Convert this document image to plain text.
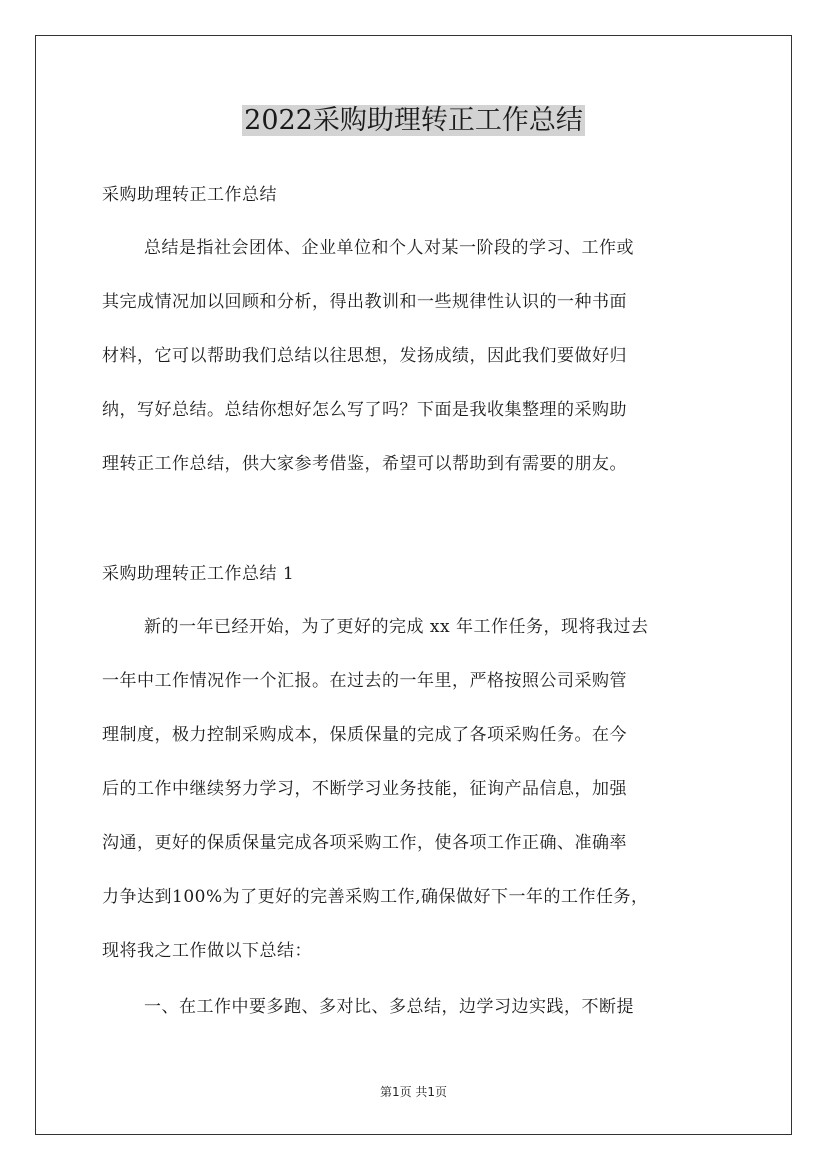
2022采购助理转正工作总结
采购助理转正工作总结
总结是指社会团体、企业单位和个人对某一阶段的学习、工作或
其完成情况加以回顾和分析，得出教训和一些规律性认识的一种书面
材料，它可以帮助我们总结以往思想，发扬成绩，因此我们要做好归
纳，写好总结。总结你想好怎么写了吗？下面是我收集整理的采购助
理转正工作总结，供大家参考借鉴，希望可以帮助到有需要的朋友。
采购助理转正工作总结 1
新的一年已经开始，为了更好的完成 xx 年工作任务，现将我过去
一年中工作情况作一个汇报。在过去的一年里，严格按照公司采购管
理制度，极力控制采购成本，保质保量的完成了各项采购任务。在今
后的工作中继续努力学习，不断学习业务技能，征询产品信息，加强
沟通，更好的保质保量完成各项采购工作，使各项工作正确、准确率
力争达到100%为了更好的完善采购工作,确保做好下一年的工作任务，
现将我之工作做以下总结：
一、在工作中要多跑、多对比、多总结，边学习边实践，不断提
第1页 共1页
